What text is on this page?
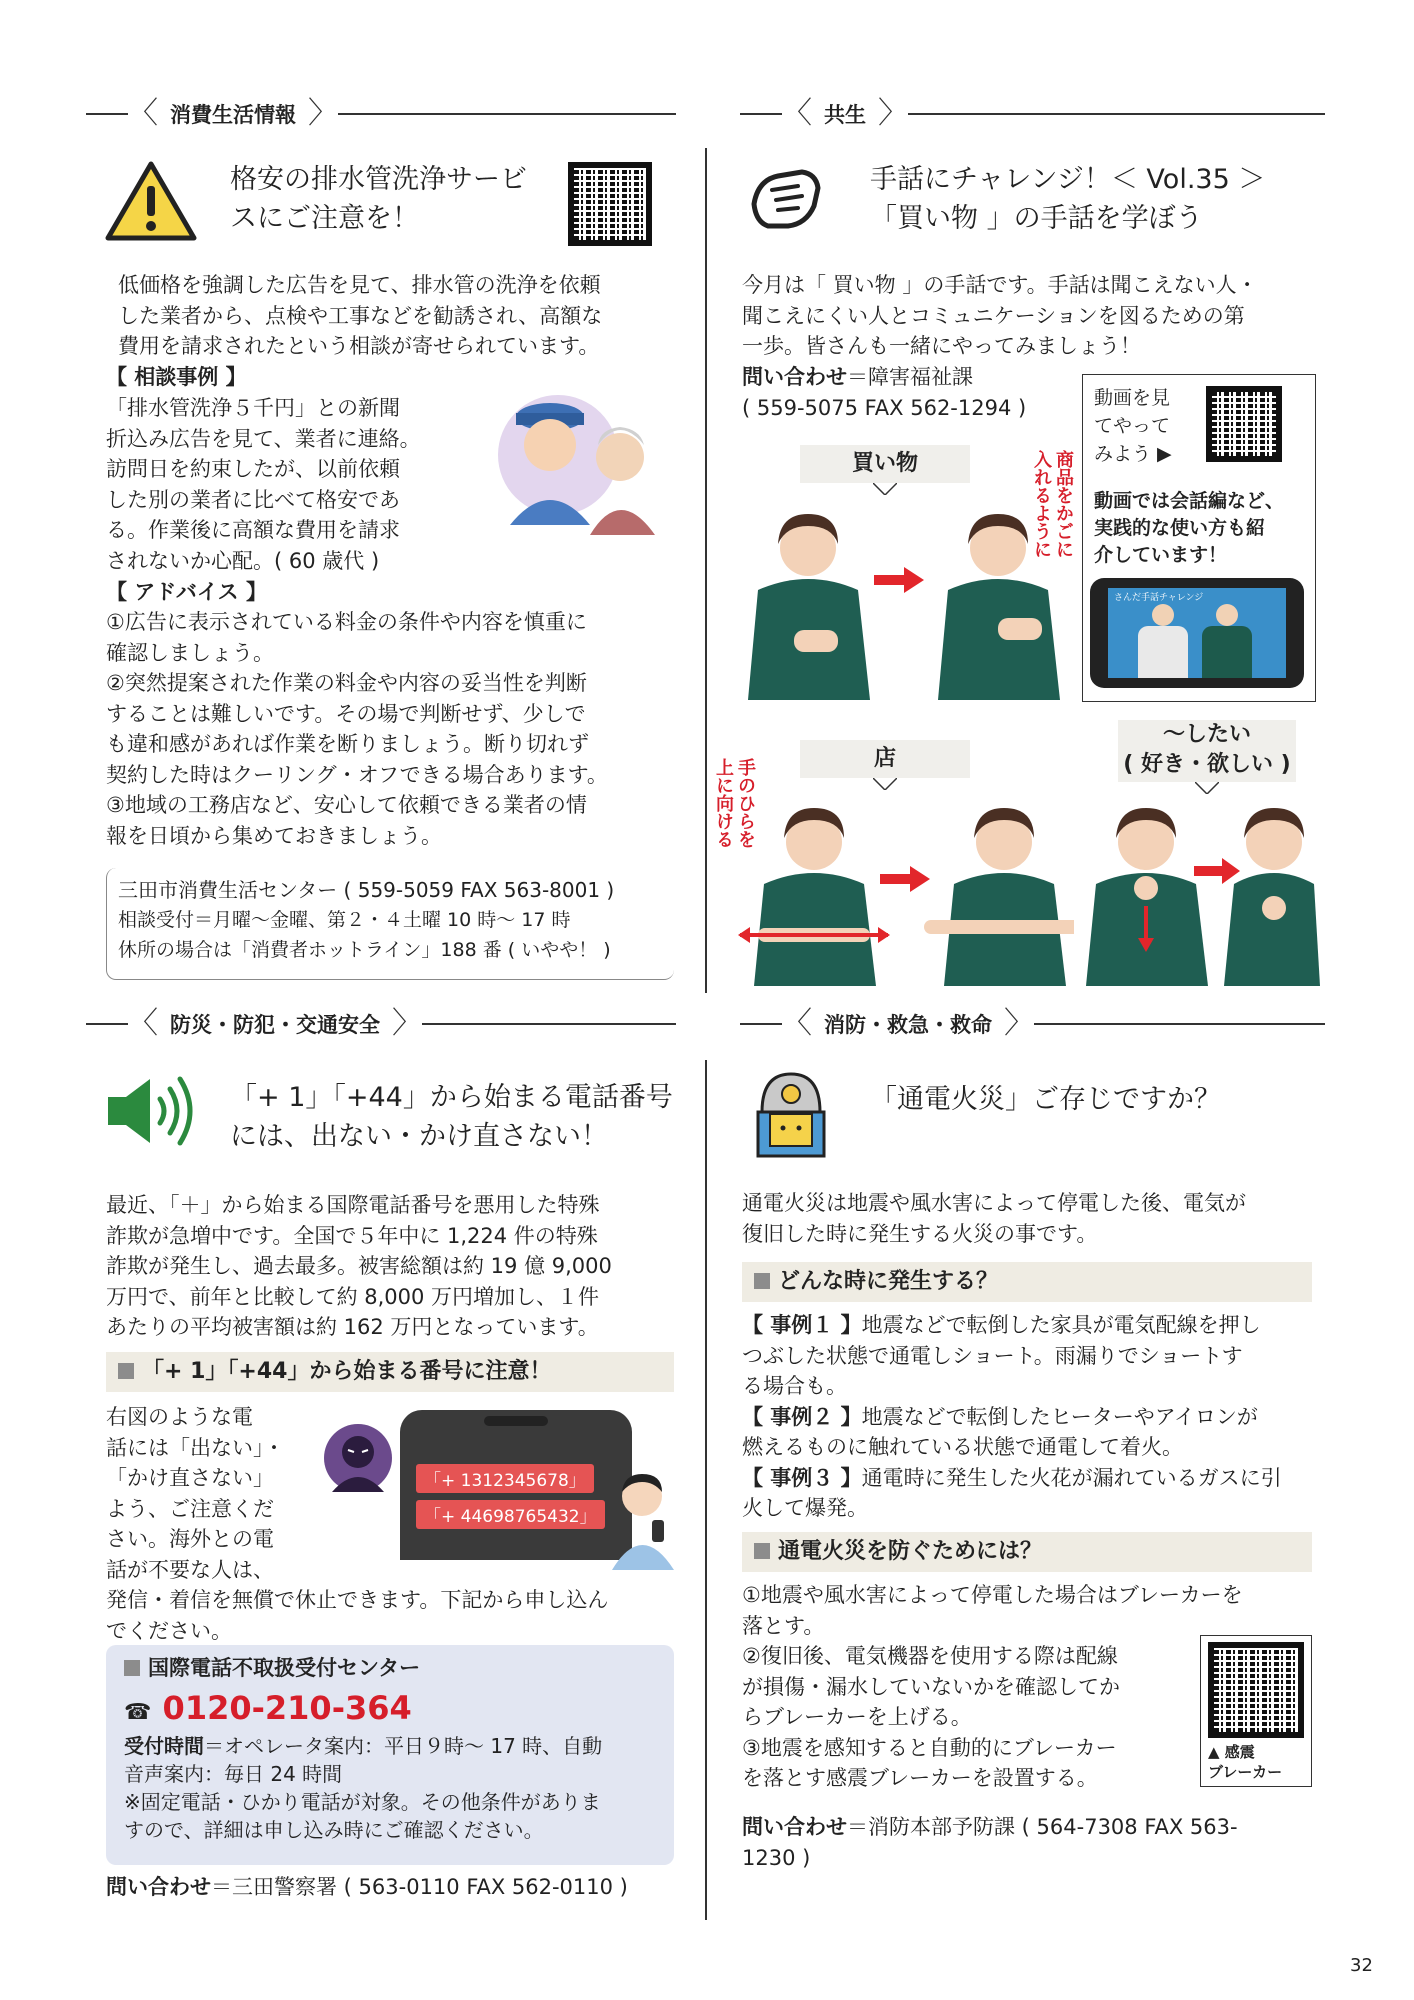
〈 消費生活情報 〉	〈 共生 〉
〈 防災・防犯・交通安全 〉	〈 消防・救急・救命 〉
格安の排水管洗浄サービ
スにご注意を！
低価格を強調した広告を見て、排水管の洗浄を依頼
した業者から、点検や工事などを勧誘され、高額な
費用を請求されたという相談が寄せられています。
【 相談事例 】
「排水管洗浄５千円」との新聞
折込み広告を見て、業者に連絡。
訪問日を約束したが、以前依頼
した別の業者に比べて格安であ
る。作業後に高額な費用を請求
されないか心配。( 60 歳代 )
【 アドバイス 】
①広告に表示されている料金の条件や内容を慎重に
確認しましょう。
②突然提案された作業の料金や内容の妥当性を判断
することは難しいです。その場で判断せず、少しで
も違和感があれば作業を断りましょう。断り切れず
契約した時はクーリング・オフできる場合あります。
③地域の工務店など、安心して依頼できる業者の情
報を日頃から集めておきましょう。
三田市消費生活センター ( 559-5059 FAX 563-8001 )
相談受付＝月曜～金曜、第２・４土曜 10 時～ 17 時
休所の場合は「消費者ホットライン」188 番 ( いやや！ )
手話にチャレンジ！＜ Vol.35 ＞
「買い物 」の手話を学ぼう
今月は「 買い物 」の手話です。手話は聞こえない人・
聞こえにくい人とコミュニケーションを図るための第
一歩。皆さんも一緒にやってみましょう！
問い合わせ＝障害福祉課
( 559-5075 FAX 562-1294 )	動画を見
てやって
みよう ▶
動画では会話編など、
実践的な使い方も紹
介しています！
さんだ手話チャレンジ
買い物	商品をかごに
入れるように
店
手のひらを
上に向ける
～したい
( 好き・欲しい )
「+ 1」「+44」から始まる電話番号
には、出ない・かけ直さない！
最近、「＋」から始まる国際電話番号を悪用した特殊
詐欺が急増中です。全国で５年中に 1,224 件の特殊
詐欺が発生し、過去最多。被害総額は約 19 億 9,000
万円で、前年と比較して約 8,000 万円増加し、１件
あたりの平均被害額は約 162 万円となっています。
「+ 1」「+44」から始まる番号に注意！
右図のような電
話には「出ない」・
「かけ直さない」
よう、ご注意くだ
さい。海外との電
話が不要な人は、
発信・着信を無償で休止できます。下記から申し込ん
でください。
「+ 1312345678」
「+ 44698765432」
国際電話不取扱受付センター
☎ 0120-210-364
受付時間＝オペレータ案内：平日９時～ 17 時、自動
音声案内：毎日 24 時間
※固定電話・ひかり電話が対象。その他条件がありま
すので、詳細は申し込み時にご確認ください。
問い合わせ＝三田警察署 ( 563-0110 FAX 562-0110 )
「通電火災」ご存じですか？
通電火災は地震や風水害によって停電した後、電気が
復旧した時に発生する火災の事です。
どんな時に発生する？
【 事例１ 】地震などで転倒した家具が電気配線を押し
つぶした状態で通電しショート。雨漏りでショートす
る場合も。
【 事例２ 】地震などで転倒したヒーターやアイロンが
燃えるものに触れている状態で通電して着火。
【 事例３ 】通電時に発生した火花が漏れているガスに引
火して爆発。
通電火災を防ぐためには？
①地震や風水害によって停電した場合はブレーカーを
落とす。
②復旧後、電気機器を使用する際は配線
が損傷・漏水していないかを確認してか
らブレーカーを上げる。
③地震を感知すると自動的にブレーカー
を落とす感震ブレーカーを設置する。
▲ 感震
ブレーカー
問い合わせ＝消防本部予防課 ( 564-7308 FAX 563-
1230 )
32
